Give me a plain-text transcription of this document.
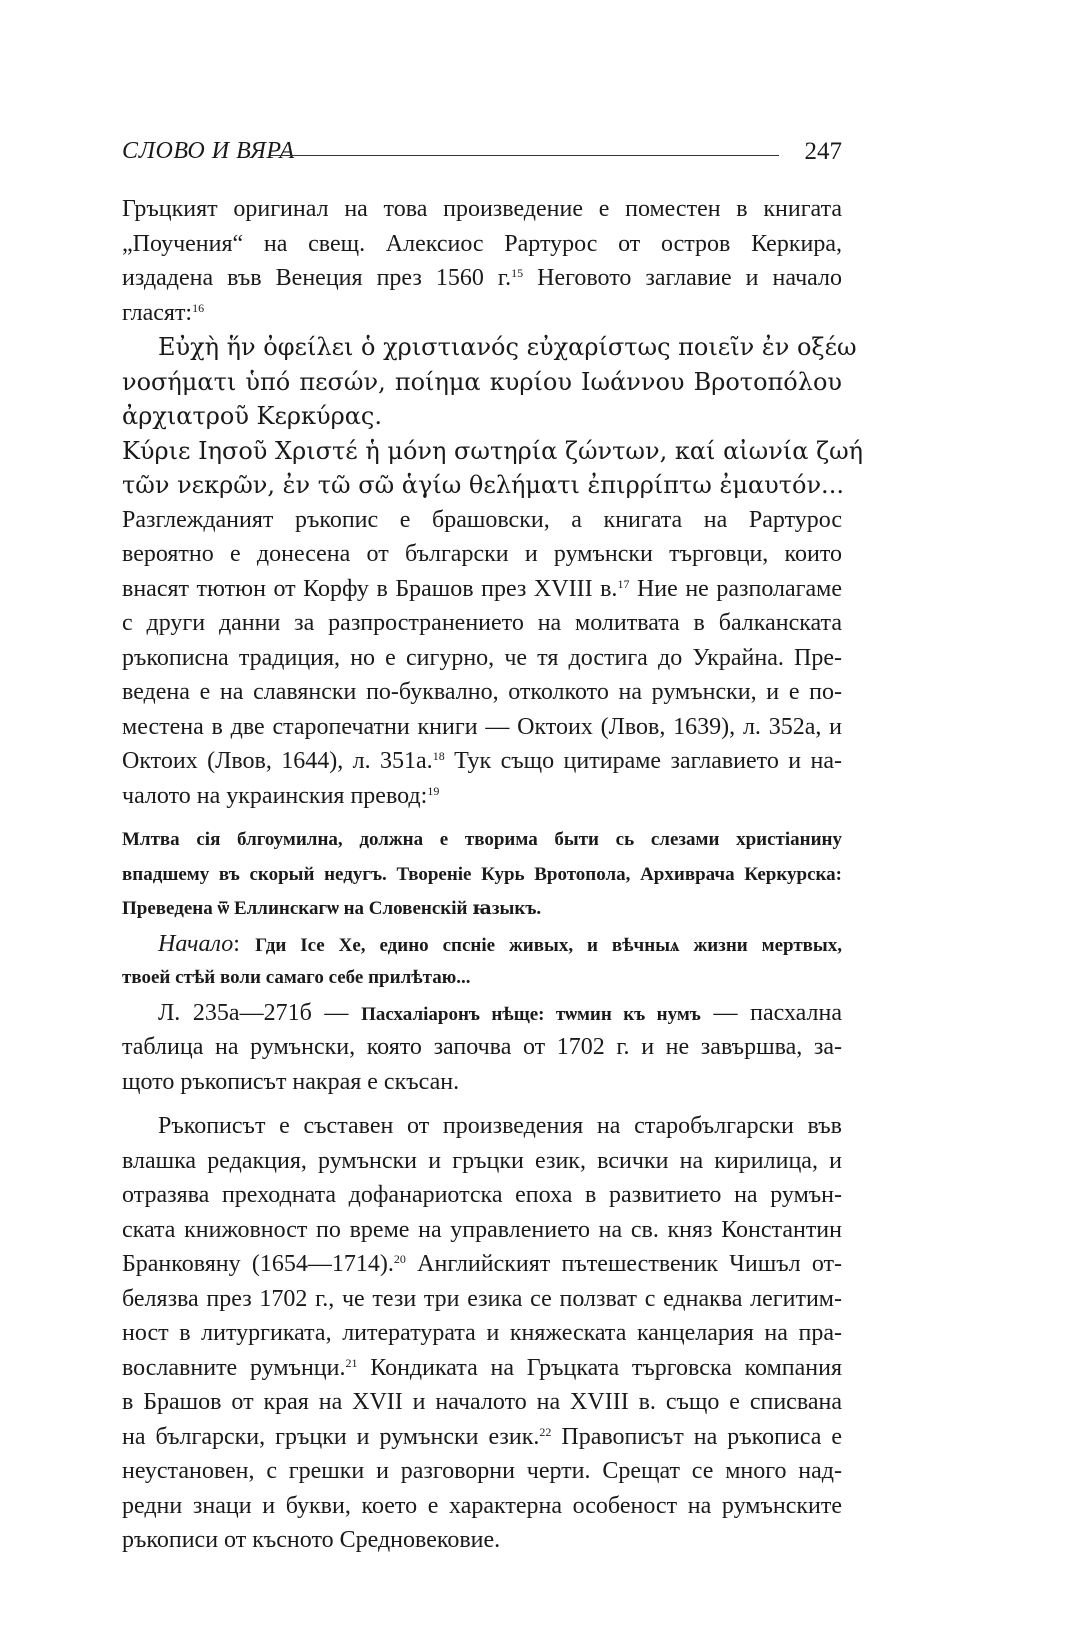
СЛОВО И ВЯРА	247
Гръцкият оригинал на това произведение е поместен в книгата
„Поучения“ на свещ. Алексиос Рартурос от остров Керкира,
издадена във Венеция през 1560 г.$^{15}$ Неговото заглавие и начало
гласят:$^{16}$
Εὐχὴ ἥν ὀφείλει ὁ χριστιανός εὐχαρίστως ποιεῖν ἐν οξέω
νοσήματι ὑπό πεσών, ποίημα κυρίου Ιωάννου Βροτοπόλου
ἀρχιατροῦ Κερκύρας.
Κύριε Ιησοῦ Χριστέ ἡ μόνη σωτηρία ζώντων, καί αἰωνία ζωή
τῶν νεκρῶν, ἐν τῶ σῶ ἁγίω θελήματι ἐπιρρίπτω ἐμαυτόν...
Разглежданият ръкопис е брашовски, а книгата на Рартурос
вероятно е донесена от български и румънски търговци, които
внасят тютюн от Корфу в Брашов през XVIII в.$^{17}$ Ние не разполагаме
с други данни за разпространението на молитвата в балканската
ръкописна традиция, но е сигурно, че тя достига до Украйна. Пре-
ведена е на славянски по-буквално, отколкото на румънски, и е по-
местена в две старопечатни книги — Октоих (Лвов, 1639), л. 352а, и
Октоих (Лвов, 1644), л. 351а.$^{18}$ Тук също цитираме заглавието и на-
чалото на украинския превод:$^{19}$
Млтва сія блгоумилна, должна е творима быти сь слезами христіанину
впадшему въ скорый недугъ. Твореніе Курь Вротопола, Архиврача Керкурска:
Преведена ѿ Еллинскагѡ на Словенскій ꙗзыкъ.
Начало: Гди Ісе Хе, едино спсніе живых, и вѣчныѧ жизни мертвых,
твоей стѣй воли самаго себе прилѣтаю...
Л. 235а—271б — Пасхаліаронъ нѣще: тѡмин къ нумъ — пасхална
таблица на румънски, която започва от 1702 г. и не завършва, за-
щото ръкописът накрая е скъсан.
Ръкописът е съставен от произведения на старобългарски във
влашка редакция, румънски и гръцки език, всички на кирилица, и
отразява преходната дофанариотска епоха в развитието на румън-
ската книжовност по време на управлението на св. княз Константин
Бранковяну (1654—1714).$^{20}$ Английският пътешественик Чишъл от-
белязва през 1702 г., че тези три езика се ползват с еднаква легитим-
ност в литургиката, литературата и княжеската канцелария на пра-
вославните румънци.$^{21}$ Кондиката на Гръцката търговска компания
в Брашов от края на XVII и началото на XVIII в. също е списвана
на български, гръцки и румънски език.$^{22}$ Правописът на ръкописа е
неустановен, с грешки и разговорни черти. Срещат се много над-
редни знаци и букви, което е характерна особеност на румънските
ръкописи от късното Средновековие.
